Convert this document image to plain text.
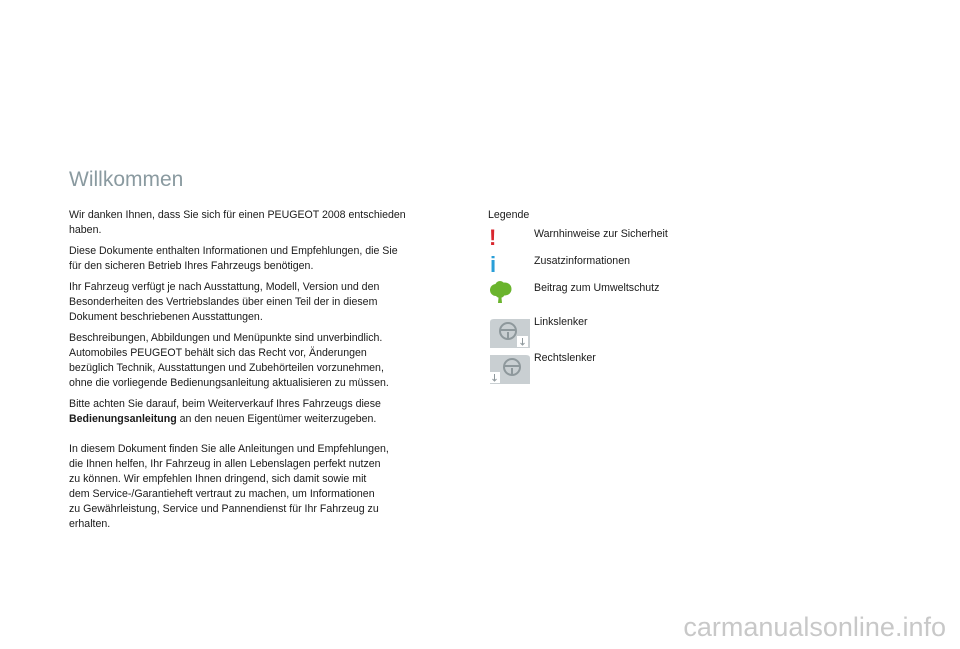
Willkommen

Wir danken Ihnen, dass Sie sich für einen PEUGEOT 2008 entschieden
haben.

Diese Dokumente enthalten Informationen und Empfehlungen, die Sie
für den sicheren Betrieb Ihres Fahrzeugs benötigen.

Ihr Fahrzeug verfügt je nach Ausstattung, Modell, Version und den
Besonderheiten des Vertriebslandes über einen Teil der in diesem
Dokument beschriebenen Ausstattungen.

Beschreibungen, Abbildungen und Menüpunkte sind unverbindlich.
Automobiles PEUGEOT behält sich das Recht vor, Änderungen
bezüglich Technik, Ausstattungen und Zubehörteilen vorzunehmen,
ohne die vorliegende Bedienungsanleitung aktualisieren zu müssen.

Bitte achten Sie darauf, beim Weiterverkauf Ihres Fahrzeugs diese
Bedienungsanleitung an den neuen Eigentümer weiterzugeben.

In diesem Dokument finden Sie alle Anleitungen und Empfehlungen,
die Ihnen helfen, Ihr Fahrzeug in allen Lebenslagen perfekt nutzen
zu können. Wir empfehlen Ihnen dringend, sich damit sowie mit
dem Service-/Garantieheft vertraut zu machen, um Informationen
zu Gewährleistung, Service und Pannendienst für Ihr Fahrzeug zu
erhalten.

Legende

!	Warnhinweise zur Sicherheit
i	Zusatzinformationen
Beitrag zum Umweltschutz
Linkslenker
Rechtslenker
carmanualsonline.info
